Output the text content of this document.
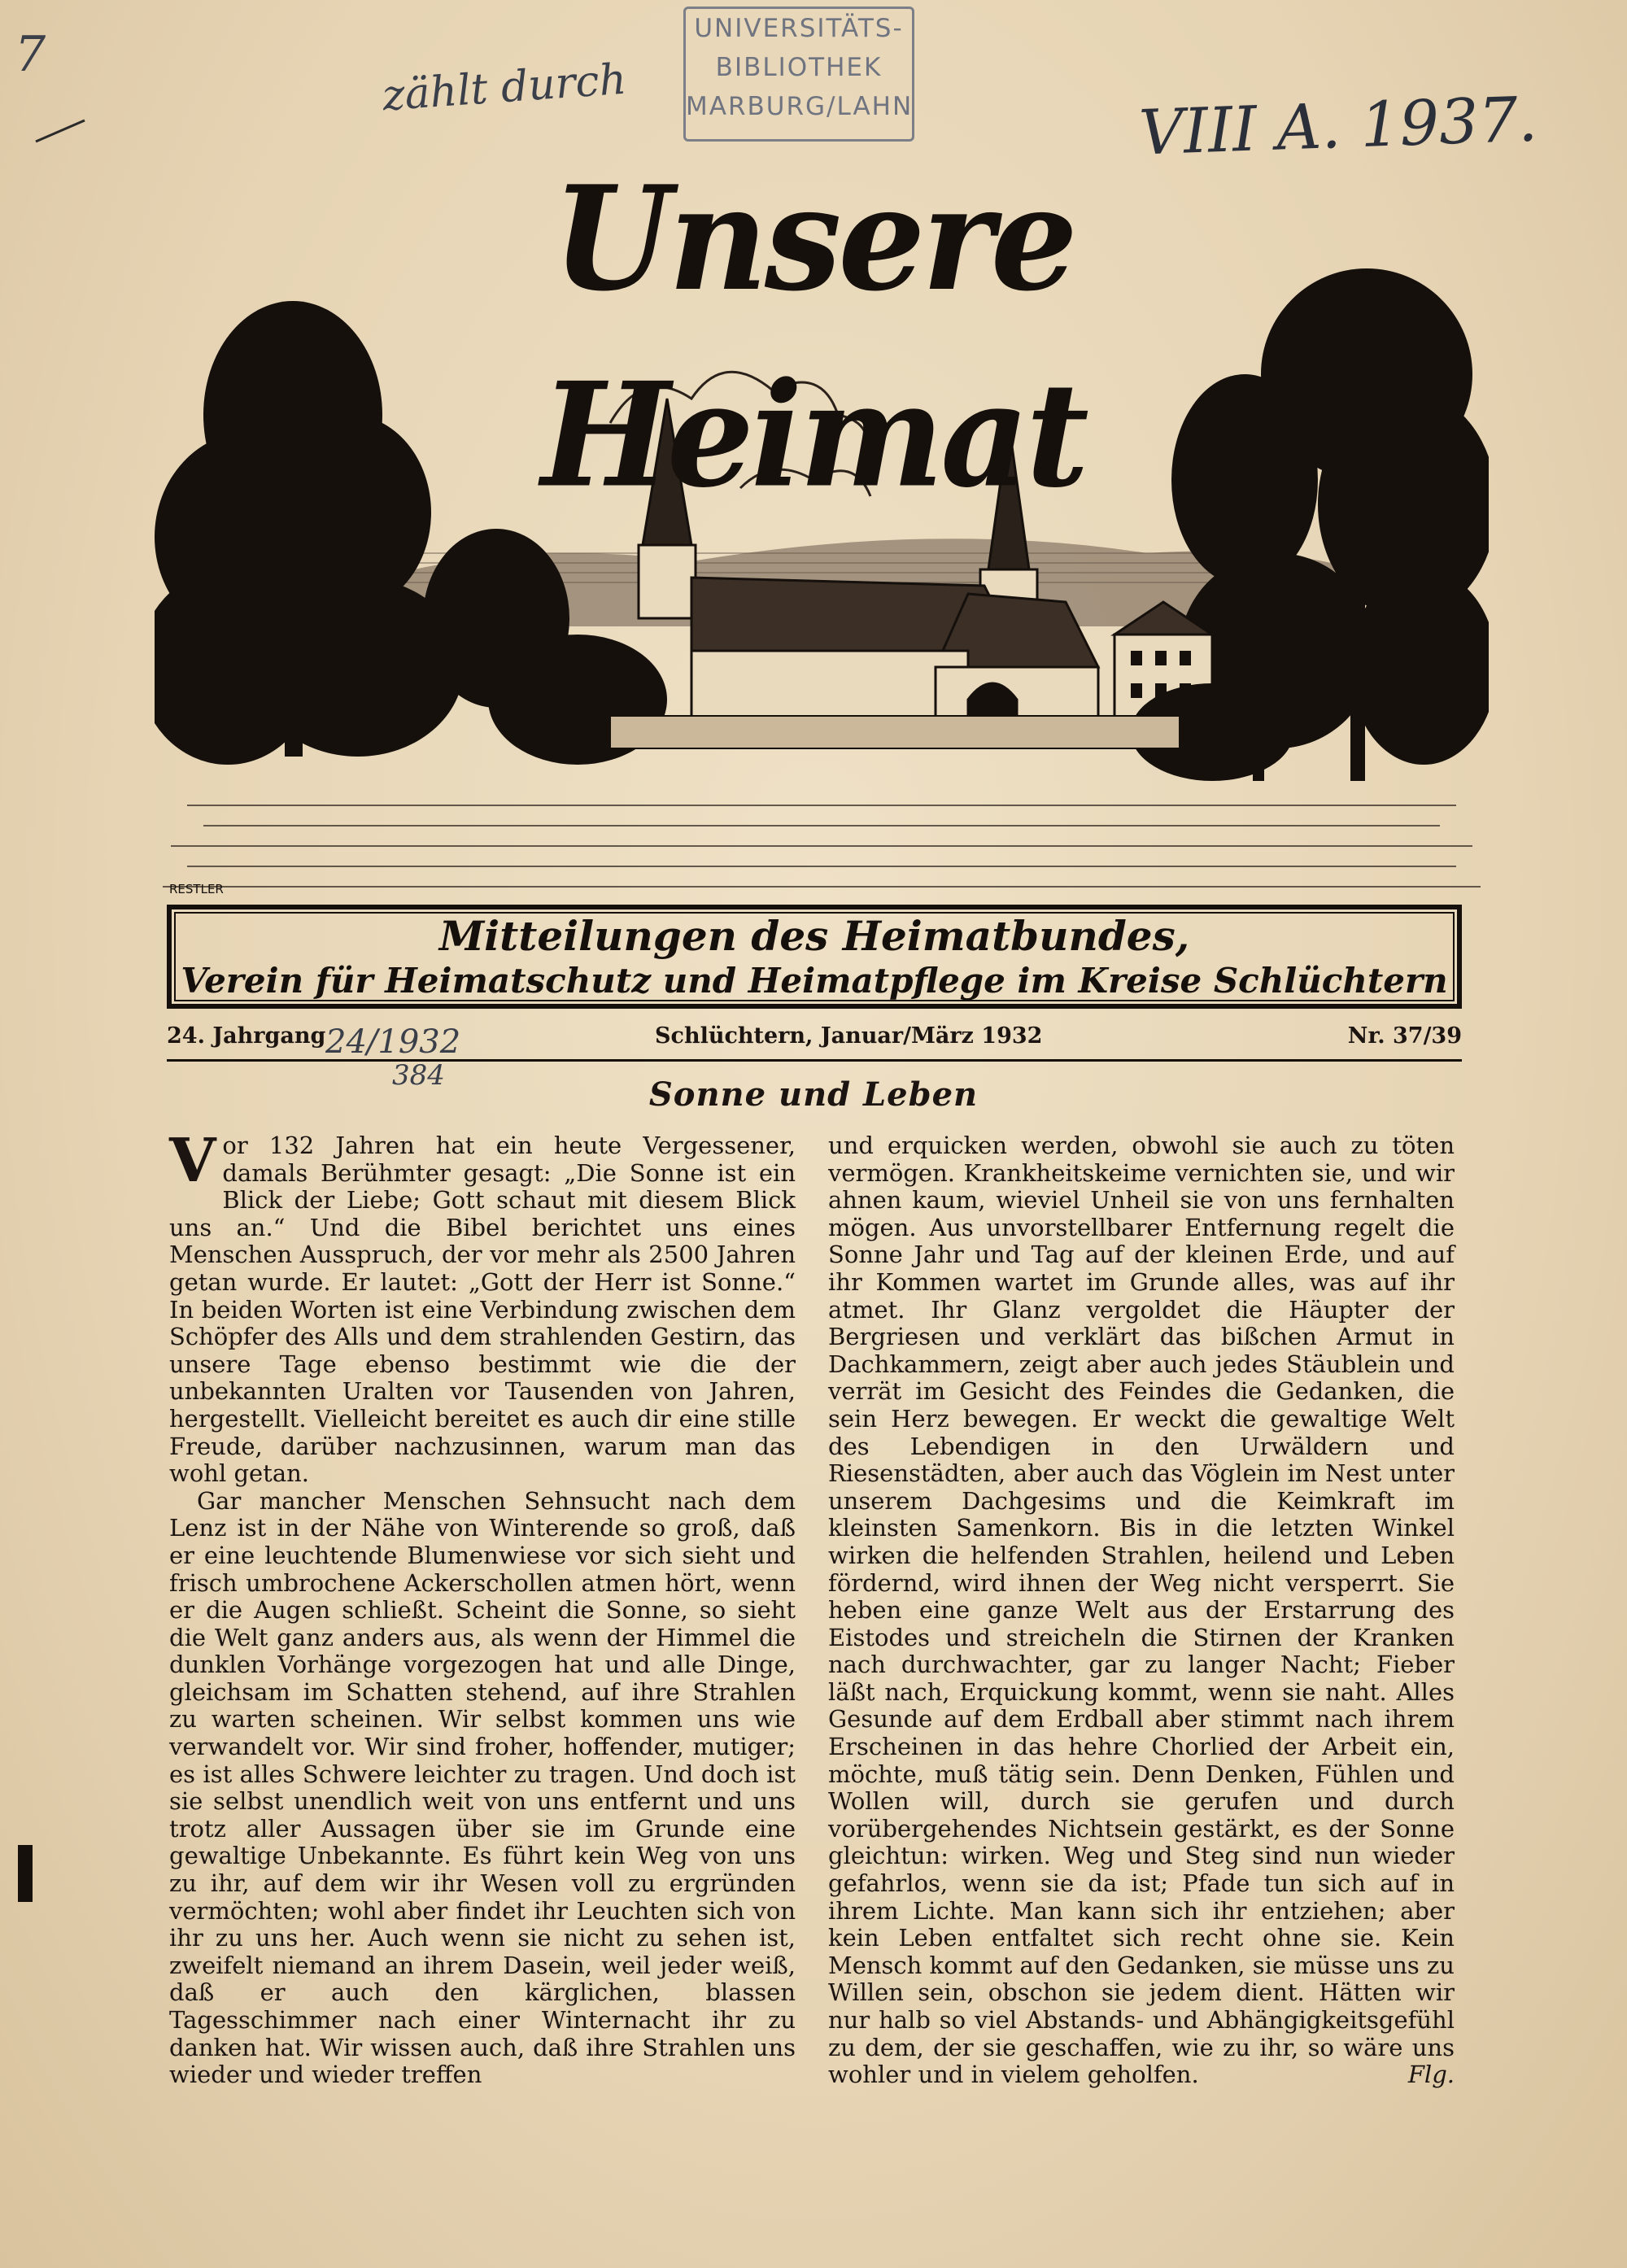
7
zählt durch	VIII A. 1937.
UNIVERSITÄTS-
BIBLIOTHEK
MARBURG/LAHN
RESTLER
Unsere Heimat
Mitteilungen des Heimatbundes,
Verein für Heimatschutz und Heimatpflege im Kreise Schlüchtern
24. Jahrgang	Schlüchtern, Januar/März 1932	Nr. 37/39
24/1932
384	Sonne und Leben

Vor 132 Jahren hat ein heute Vergessener, damals Berühmter gesagt: „Die Sonne ist ein Blick der Liebe; Gott schaut mit diesem Blick uns an.“ Und die Bibel berichtet uns eines Menschen Ausspruch, der vor mehr als 2500 Jahren getan wurde. Er lautet: „Gott der Herr ist Sonne.“ In beiden Worten ist eine Verbindung zwischen dem Schöpfer des Alls und dem strahlenden Gestirn, das unsere Tage ebenso bestimmt wie die der unbekannten Uralten vor Tausenden von Jahren, hergestellt. Vielleicht bereitet es auch dir eine stille Freude, darüber nachzusinnen, warum man das wohl getan.

Gar mancher Menschen Sehnsucht nach dem Lenz ist in der Nähe von Winterende so groß, daß er eine leuchtende Blumenwiese vor sich sieht und frisch umbrochene Ackerschollen atmen hört, wenn er die Augen schließt. Scheint die Sonne, so sieht die Welt ganz anders aus, als wenn der Himmel die dunklen Vorhänge vorgezogen hat und alle Dinge, gleichsam im Schatten stehend, auf ihre Strahlen zu warten scheinen. Wir selbst kommen uns wie verwandelt vor. Wir sind froher, hoffender, mutiger; es ist alles Schwere leichter zu tragen. Und doch ist sie selbst unendlich weit von uns entfernt und uns trotz aller Aussagen über sie im Grunde eine gewaltige Unbekannte. Es führt kein Weg von uns zu ihr, auf dem wir ihr Wesen voll zu ergründen vermöchten; wohl aber findet ihr Leuchten sich von ihr zu uns her. Auch wenn sie nicht zu sehen ist, zweifelt niemand an ihrem Dasein, weil jeder weiß, daß er auch den kärglichen, blassen Tagesschimmer nach einer Winternacht ihr zu danken hat. Wir wissen auch, daß ihre Strahlen uns wieder und wieder treffen

und erquicken werden, obwohl sie auch zu töten vermögen. Krankheitskeime vernichten sie, und wir ahnen kaum, wieviel Unheil sie von uns fernhalten mögen. Aus unvorstellbarer Entfernung regelt die Sonne Jahr und Tag auf der kleinen Erde, und auf ihr Kommen wartet im Grunde alles, was auf ihr atmet. Ihr Glanz vergoldet die Häupter der Bergriesen und verklärt das bißchen Armut in Dachkammern, zeigt aber auch jedes Stäublein und verrät im Gesicht des Feindes die Gedanken, die sein Herz bewegen. Er weckt die gewaltige Welt des Lebendigen in den Urwäldern und Riesenstädten, aber auch das Vöglein im Nest unter unserem Dachgesims und die Keimkraft im kleinsten Samenkorn. Bis in die letzten Winkel wirken die helfenden Strahlen, heilend und Leben fördernd, wird ihnen der Weg nicht versperrt. Sie heben eine ganze Welt aus der Erstarrung des Eistodes und streicheln die Stirnen der Kranken nach durchwachter, gar zu langer Nacht; Fieber läßt nach, Erquickung kommt, wenn sie naht. Alles Gesunde auf dem Erdball aber stimmt nach ihrem Erscheinen in das hehre Chorlied der Arbeit ein, möchte, muß tätig sein. Denn Denken, Fühlen und Wollen will, durch sie gerufen und durch vorübergehendes Nichtsein gestärkt, es der Sonne gleichtun: wirken. Weg und Steg sind nun wieder gefahrlos, wenn sie da ist; Pfade tun sich auf in ihrem Lichte. Man kann sich ihr entziehen; aber kein Leben entfaltet sich recht ohne sie. Kein Mensch kommt auf den Gedanken, sie müsse uns zu Willen sein, obschon sie jedem dient. Hätten wir nur halb so viel Abstands- und Abhängigkeitsgefühl zu dem, der sie geschaffen, wie zu ihr, so wäre uns wohler und in vielem geholfen.	Flg.
